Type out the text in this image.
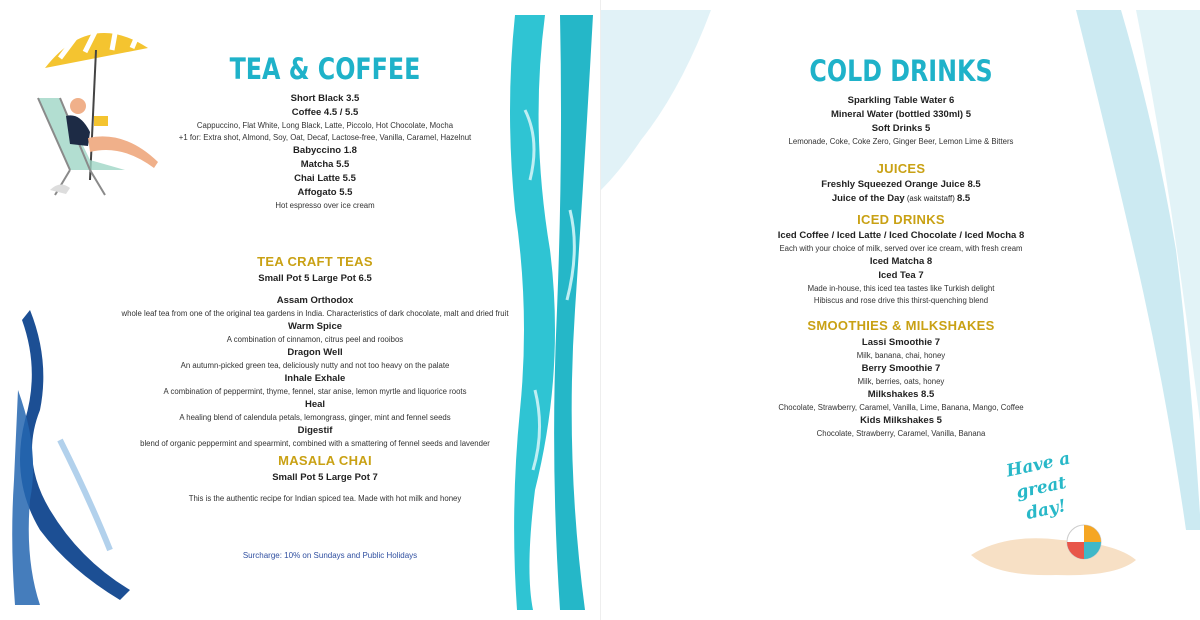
TEA & COFFEE
Short Black 3.5
Coffee 4.5 / 5.5
Cappuccino, Flat White, Long Black, Latte, Piccolo, Hot Chocolate, Mocha
+1 for: Extra shot, Almond, Soy, Oat, Decaf, Lactose-free, Vanilla, Caramel, Hazelnut
Babyccino 1.8
Matcha 5.5
Chai Latte 5.5
Affogato 5.5
Hot espresso over ice cream
TEA CRAFT TEAS
Small Pot 5 Large Pot 6.5
Assam Orthodox
whole leaf tea from one of the original tea gardens in India. Characteristics of dark chocolate, malt and dried fruit
Warm Spice
A combination of cinnamon, citrus peel and rooibos
Dragon Well
An autumn-picked green tea, deliciously nutty and not too heavy on the palate
Inhale Exhale
A combination of peppermint, thyme, fennel, star anise, lemon myrtle and liquorice roots
Heal
A healing blend of calendula petals, lemongrass, ginger, mint and fennel seeds
Digestif
blend of organic peppermint and spearmint, combined with a smattering of fennel seeds and lavender
MASALA CHAI
Small Pot 5 Large Pot 7
This is the authentic recipe for Indian spiced tea. Made with hot milk and honey
Surcharge: 10% on Sundays and Public Holidays
COLD DRINKS
Sparkling Table Water 6
Mineral Water (bottled 330ml) 5
Soft Drinks 5
Lemonade, Coke, Coke Zero, Ginger Beer, Lemon Lime & Bitters
JUICES
Freshly Squeezed Orange Juice 8.5
Juice of the Day (ask waitstaff) 8.5
ICED DRINKS
Iced Coffee / Iced Latte / Iced Chocolate / Iced Mocha 8
Each with your choice of milk, served over ice cream, with fresh cream
Iced Matcha 8
Iced Tea 7
Made in-house, this iced tea tastes like Turkish delight
Hibiscus and rose drive this thirst-quenching blend
SMOOTHIES & MILKSHAKES
Lassi Smoothie 7
Milk, banana, chai, honey
Berry Smoothie 7
Milk, berries, oats, honey
Milkshakes 8.5
Chocolate, Strawberry, Caramel, Vanilla, Lime, Banana, Mango, Coffee
Kids Milkshakes 5
Chocolate, Strawberry, Caramel, Vanilla, Banana
Have a
great
day!
